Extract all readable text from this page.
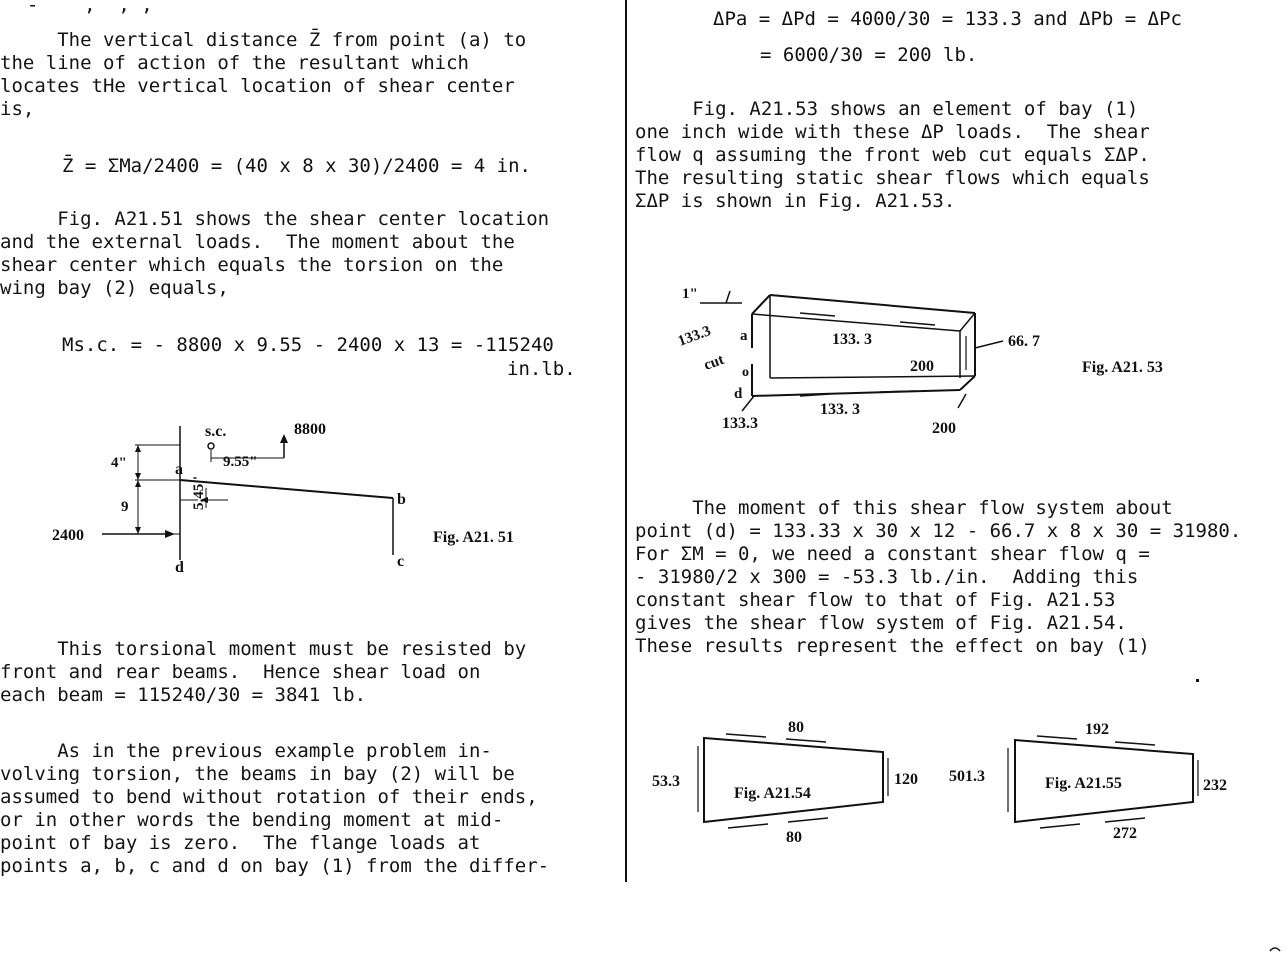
-    ,  , ,

The vertical distance Z̄ from point (a) to
the line of action of the resultant which
locates tHe vertical location of shear center
is,

Z̄ = ΣMa/2400 = (40 x 8 x 30)/2400 = 4 in.

Fig. A21.51 shows the shear center location
and the external loads.  The moment about the
shear center which equals the torsion on the
wing bay (2) equals,

Ms.c. = - 8800 x 9.55 - 2400 x 13 = -115240
in.lb.
s.c.	8800
9.55"
4"
9	5.45"
2400
a
b
c
d
Fig. A21. 51

This torsional moment must be resisted by
front and rear beams.  Hence shear load on
each beam = 115240/30 = 3841 lb.

As in the previous example problem in-
volving torsion, the beams in bay (2) will be
assumed to bend without rotation of their ends,
or in other words the bending moment at mid-
point of bay is zero.  The flange loads at
points a, b, c and d on bay (1) from the differ-

ΔPa = ΔPd = 4000/30 = 133.3 and ΔPb = ΔPc
= 6000/30 = 200 lb.

Fig. A21.53 shows an element of bay (1)
one inch wide with these ΔP loads.  The shear
flow q assuming the front web cut equals ΣΔP.
The resulting static shear flows which equals
ΣΔP is shown in Fig. A21.53.

1"
133.3
cut
a
o
d
133. 3
200
66. 7
133. 3
133.3	200
Fig. A21. 53

The moment of this shear flow system about
point (d) = 133.33 x 30 x 12 - 66.7 x 8 x 30 = 31980.
For ΣM = 0, we need a constant shear flow q =
- 31980/2 x 300 = -53.3 lb./in.  Adding this
constant shear flow to that of Fig. A21.53
gives the shear flow system of Fig. A21.54.
These results represent the effect on bay (1)

80
80
53.3	120
Fig. A21.54
192
272
501.3
232
Fig. A21.55
